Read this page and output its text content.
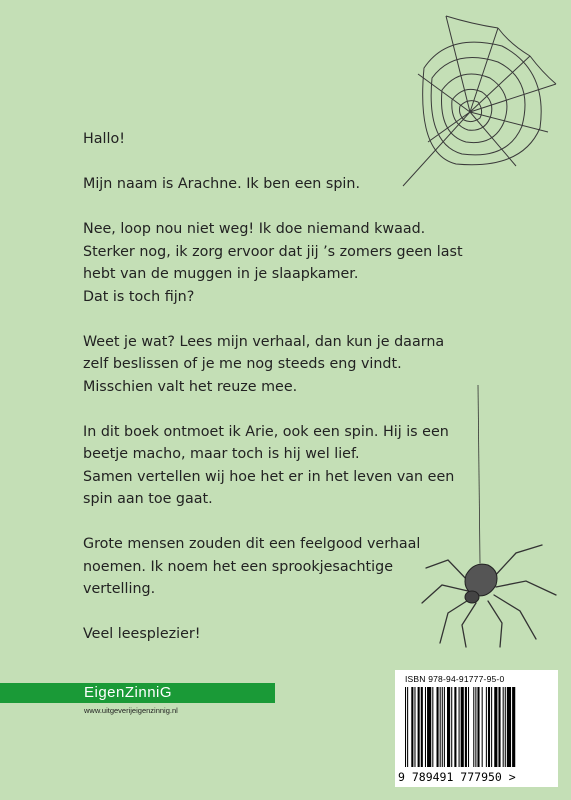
Hallo!

Mijn naam is Arachne. Ik ben een spin.

Nee, loop nou niet weg! Ik doe niemand kwaad.
Sterker nog, ik zorg ervoor dat jij ’s zomers geen last
hebt van de muggen in je slaapkamer.
Dat is toch fijn?

Weet je wat? Lees mijn verhaal, dan kun je daarna
zelf beslissen of je me nog steeds eng vindt.
Misschien valt het reuze mee.

In dit boek ontmoet ik Arie, ook een spin. Hij is een
beetje macho, maar toch is hij wel lief.
Samen vertellen wij hoe het er in het leven van een
spin aan toe gaat.

Grote mensen zouden dit een feelgood verhaal
noemen. Ik noem het een sprookjesachtige
vertelling.

Veel leesplezier!

EigenZinniG
www.uitgeverijeigenzinnig.nl
ISBN 978-94-91777-95-0
9 789491 777950 >
